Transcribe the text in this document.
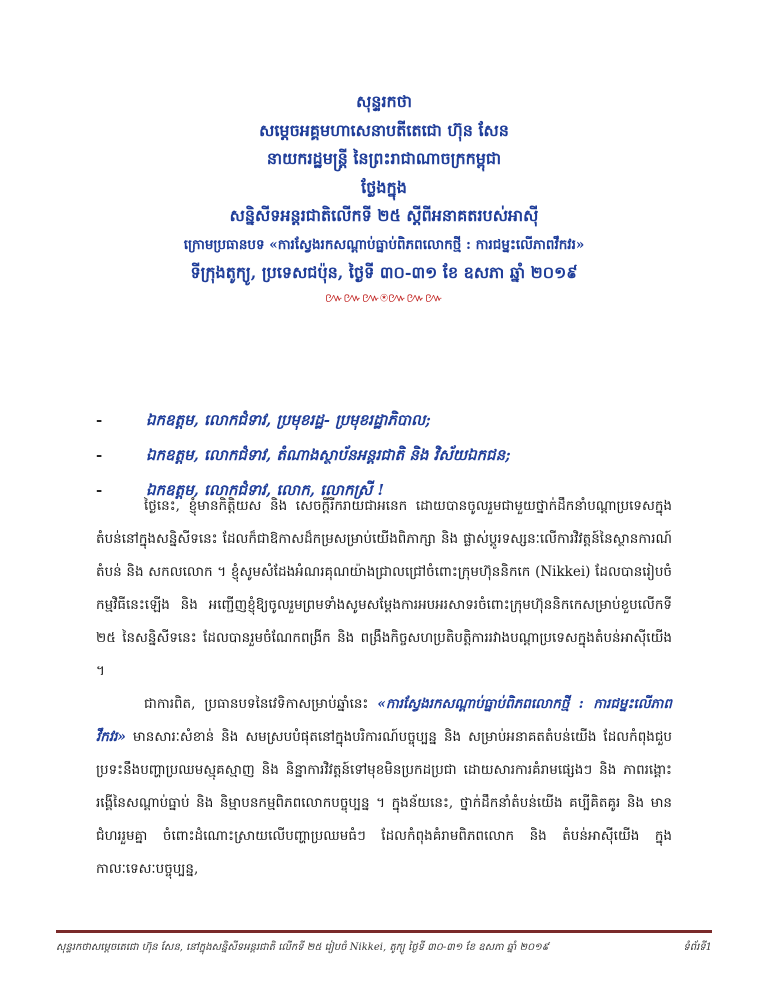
សុន្ទរកថា
សម្តេចអគ្គមហាសេនាបតីតេជោ ហ៊ុន សែន
នាយករដ្ឋមន្ត្រី នៃព្រះរាជាណាចក្រកម្ពុជា
ថ្លែងក្នុង
សន្និសីទអន្តរជាតិលើកទី ២៥ ស្តីពីអនាគតរបស់អាស៊ី
ក្រោមប្រធានបទ «ការស្វែងរកសណ្តាប់ធ្នាប់ពិភពលោកថ្មី : ការជម្នះលើភាពវឹកវរ»
ទីក្រុងតូក្យូ, ប្រទេសជប៉ុន, ថ្ងៃទី ៣០-៣១ ខែ ឧសភា ឆ្នាំ ២០១៩
៚៚៚⍟៚៚៚
-	ឯកឧត្តម, លោកជំទាវ, ប្រមុខរដ្ឋ- ប្រមុខរដ្ឋាភិបាល;
-	ឯកឧត្តម, លោកជំទាវ, តំណាងស្ថាប័នអន្តរជាតិ និង វិស័យឯកជន;
-	ឯកឧត្តម, លោកជំទាវ, លោក, លោកស្រី !

ថ្ងៃនេះ, ខ្ញុំមានកិត្តិយស និង សេចក្តីរីករាយជាអនេក ដោយបានចូលរួមជាមួយថ្នាក់ដឹកនាំបណ្តាប្រទេសក្នុងតំបន់នៅក្នុងសន្និសីទនេះ ដែលក៏ជាឱកាសដ៏កម្រសម្រាប់យើងពិភាក្សា និង ផ្លាស់ប្តូរទស្សនៈលើការវិវត្តន៍នៃស្ថានការណ៍តំបន់ និង សកលលោក ។ ខ្ញុំសូមសំដែងអំណរគុណយ៉ាងជ្រាលជ្រៅចំពោះក្រុមហ៊ុននិកកេ (Nikkei) ដែលបានរៀបចំកម្មវិធីនេះឡើង និង អញ្ជើញខ្ញុំឱ្យចូលរួមព្រមទាំងសូមសម្តែងការអបអរសាទរចំពោះក្រុមហ៊ុននិកកេសម្រាប់ខួបលើកទី ២៥ នៃសន្និសីទនេះ ដែលបានរួមចំណែកពង្រីក និង ពង្រឹងកិច្ចសហប្រតិបត្តិការរវាងបណ្តាប្រទេសក្នុងតំបន់អាស៊ីយើង ។

ជាការពិត, ប្រធានបទនៃវេទិកាសម្រាប់ឆ្នាំនេះ «ការស្វែងរកសណ្តាប់ធ្នាប់ពិភពលោកថ្មី : ការជម្នះលើភាពវឹកវរ» មានសារៈសំខាន់ និង សមស្របបំផុតនៅក្នុងបរិការណ៍បច្ចុប្បន្ន និង សម្រាប់អនាគតតំបន់យើង ដែលកំពុងជួបប្រទះនឹងបញ្ហាប្រឈមស្មុគស្មាញ និង និន្នាការវិវត្តន៍ទៅមុខមិនប្រកដប្រជា ដោយសារការគំរាមផ្សេងៗ និង ភាពរង្គោះរង្គើនៃសណ្តាប់ធ្នាប់ និង និម្មាបនកម្មពិភពលោកបច្ចុប្បន្ន ។ ក្នុងន័យនេះ, ថ្នាក់ដឹកនាំតំបន់យើង គប្បីគិតគូរ និង មានជំហររួមគ្នា ចំពោះដំណោះស្រាយលើបញ្ហាប្រឈមធំៗ ដែលកំពុងគំរាមពិភពលោក និង តំបន់អាស៊ីយើង ក្នុងកាលៈទេសៈបច្ចុប្បន្ន,

សុន្ទរកថាសម្តេចតេជោ ហ៊ុន សែន, នៅក្នុងសន្និសីទអន្តរជាតិ លើកទី ២៥ រៀបចំ Nikkei, តូក្យូ ថ្ងៃទី ៣០-៣១ ខែ ឧសភា ឆ្នាំ ២០១៩	ទំព័រទី1
